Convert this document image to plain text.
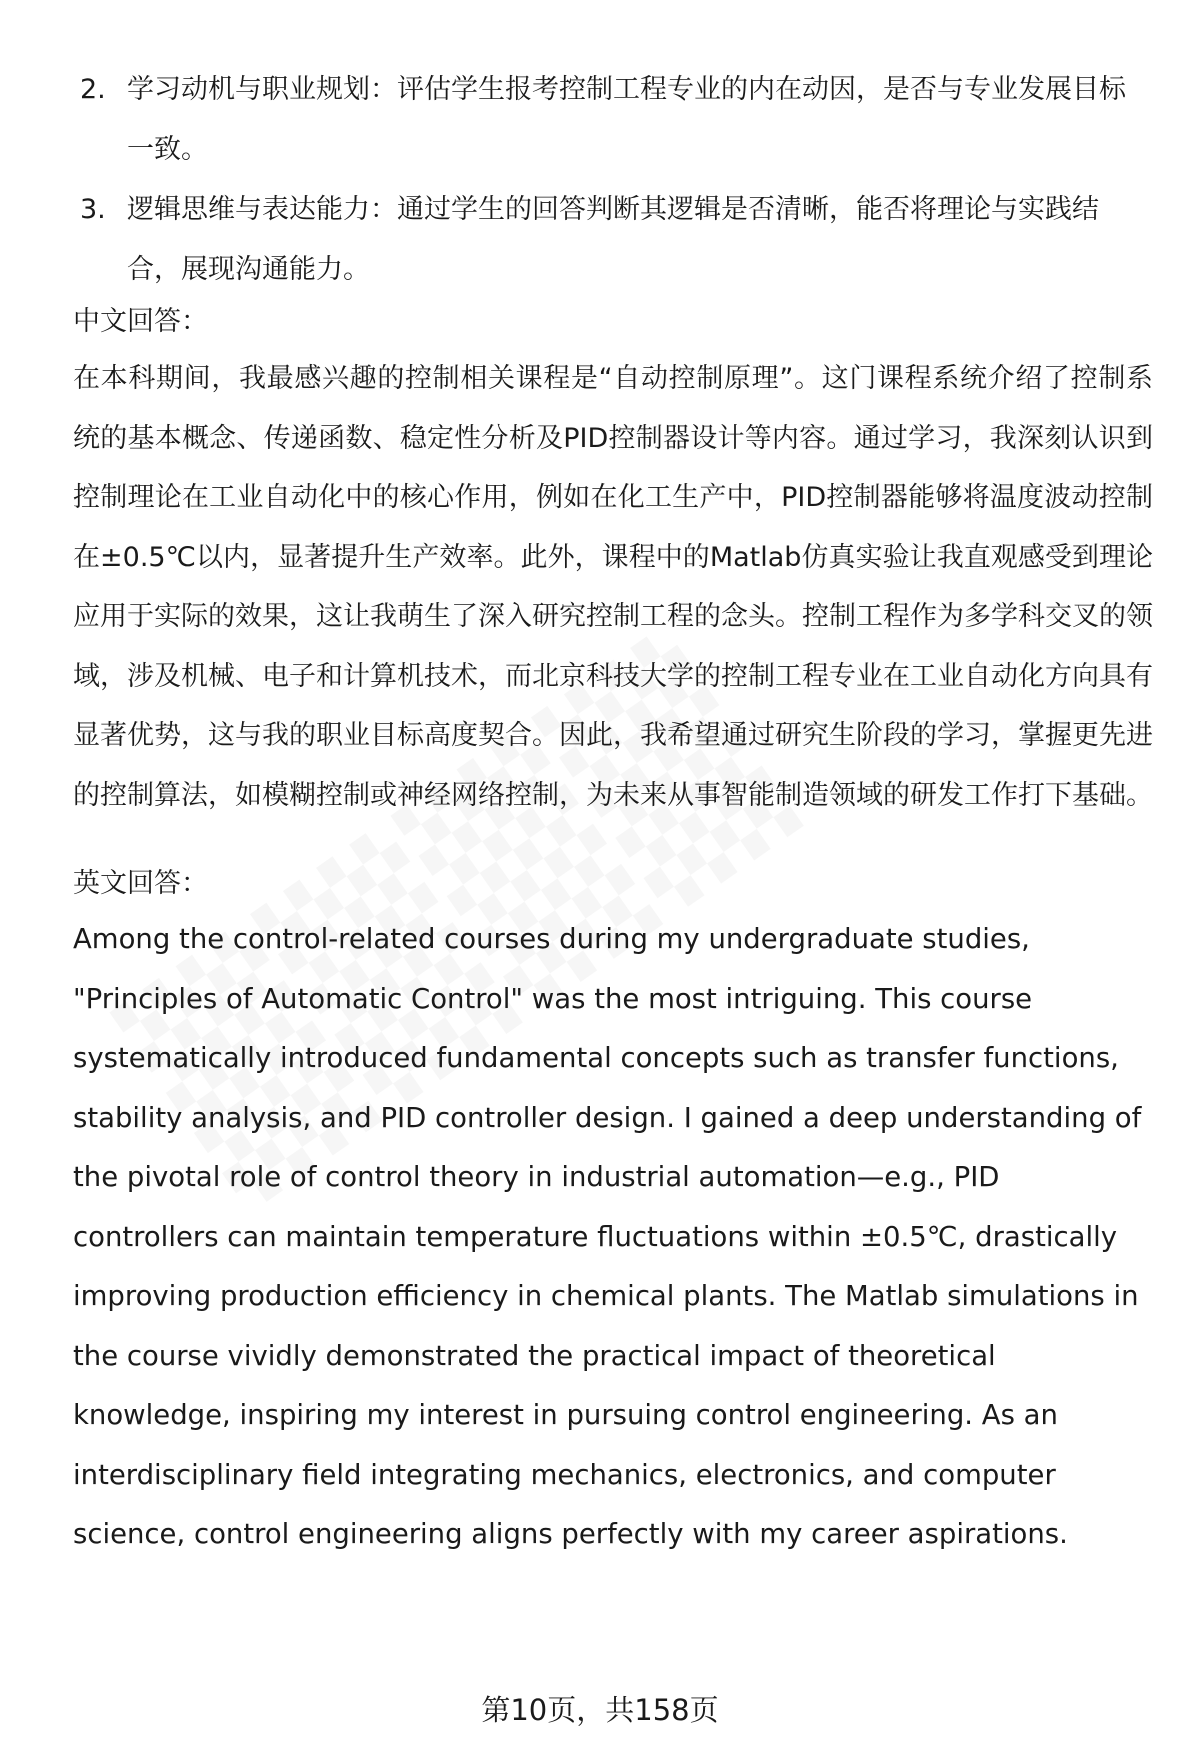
2. 学习动机与职业规划：评估学生报考控制工程专业的内在动因，是否与专业发展目标一致。
3. 逻辑思维与表达能力：通过学生的回答判断其逻辑是否清晰，能否将理论与实践结合，展现沟通能力。
中文回答：

在本科期间，我最感兴趣的控制相关课程是“自动控制原理”。这门课程系统介绍了控制系统的基本概念、传递函数、稳定性分析及PID控制器设计等内容。通过学习，我深刻认识到控制理论在工业自动化中的核心作用，例如在化工生产中，PID控制器能够将温度波动控制在±0.5℃以内，显著提升生产效率。此外，课程中的Matlab仿真实验让我直观感受到理论应用于实际的效果，这让我萌生了深入研究控制工程的念头。控制工程作为多学科交叉的领域，涉及机械、电子和计算机技术，而北京科技大学的控制工程专业在工业自动化方向具有显著优势，这与我的职业目标高度契合。因此，我希望通过研究生阶段的学习，掌握更先进的控制算法，如模糊控制或神经网络控制，为未来从事智能制造领域的研发工作打下基础。

英文回答：

Among the control-related courses during my undergraduate studies, "Principles of Automatic Control" was the most intriguing. This course systematically introduced fundamental concepts such as transfer functions, stability analysis, and PID controller design. I gained a deep understanding of the pivotal role of control theory in industrial automation—e.g., PID controllers can maintain temperature fluctuations within ±0.5℃, drastically improving production efficiency in chemical plants. The Matlab simulations in the course vividly demonstrated the practical impact of theoretical knowledge, inspiring my interest in pursuing control engineering. As an interdisciplinary field integrating mechanics, electronics, and computer science, control engineering aligns perfectly with my career aspirations.

第10页，共158页
